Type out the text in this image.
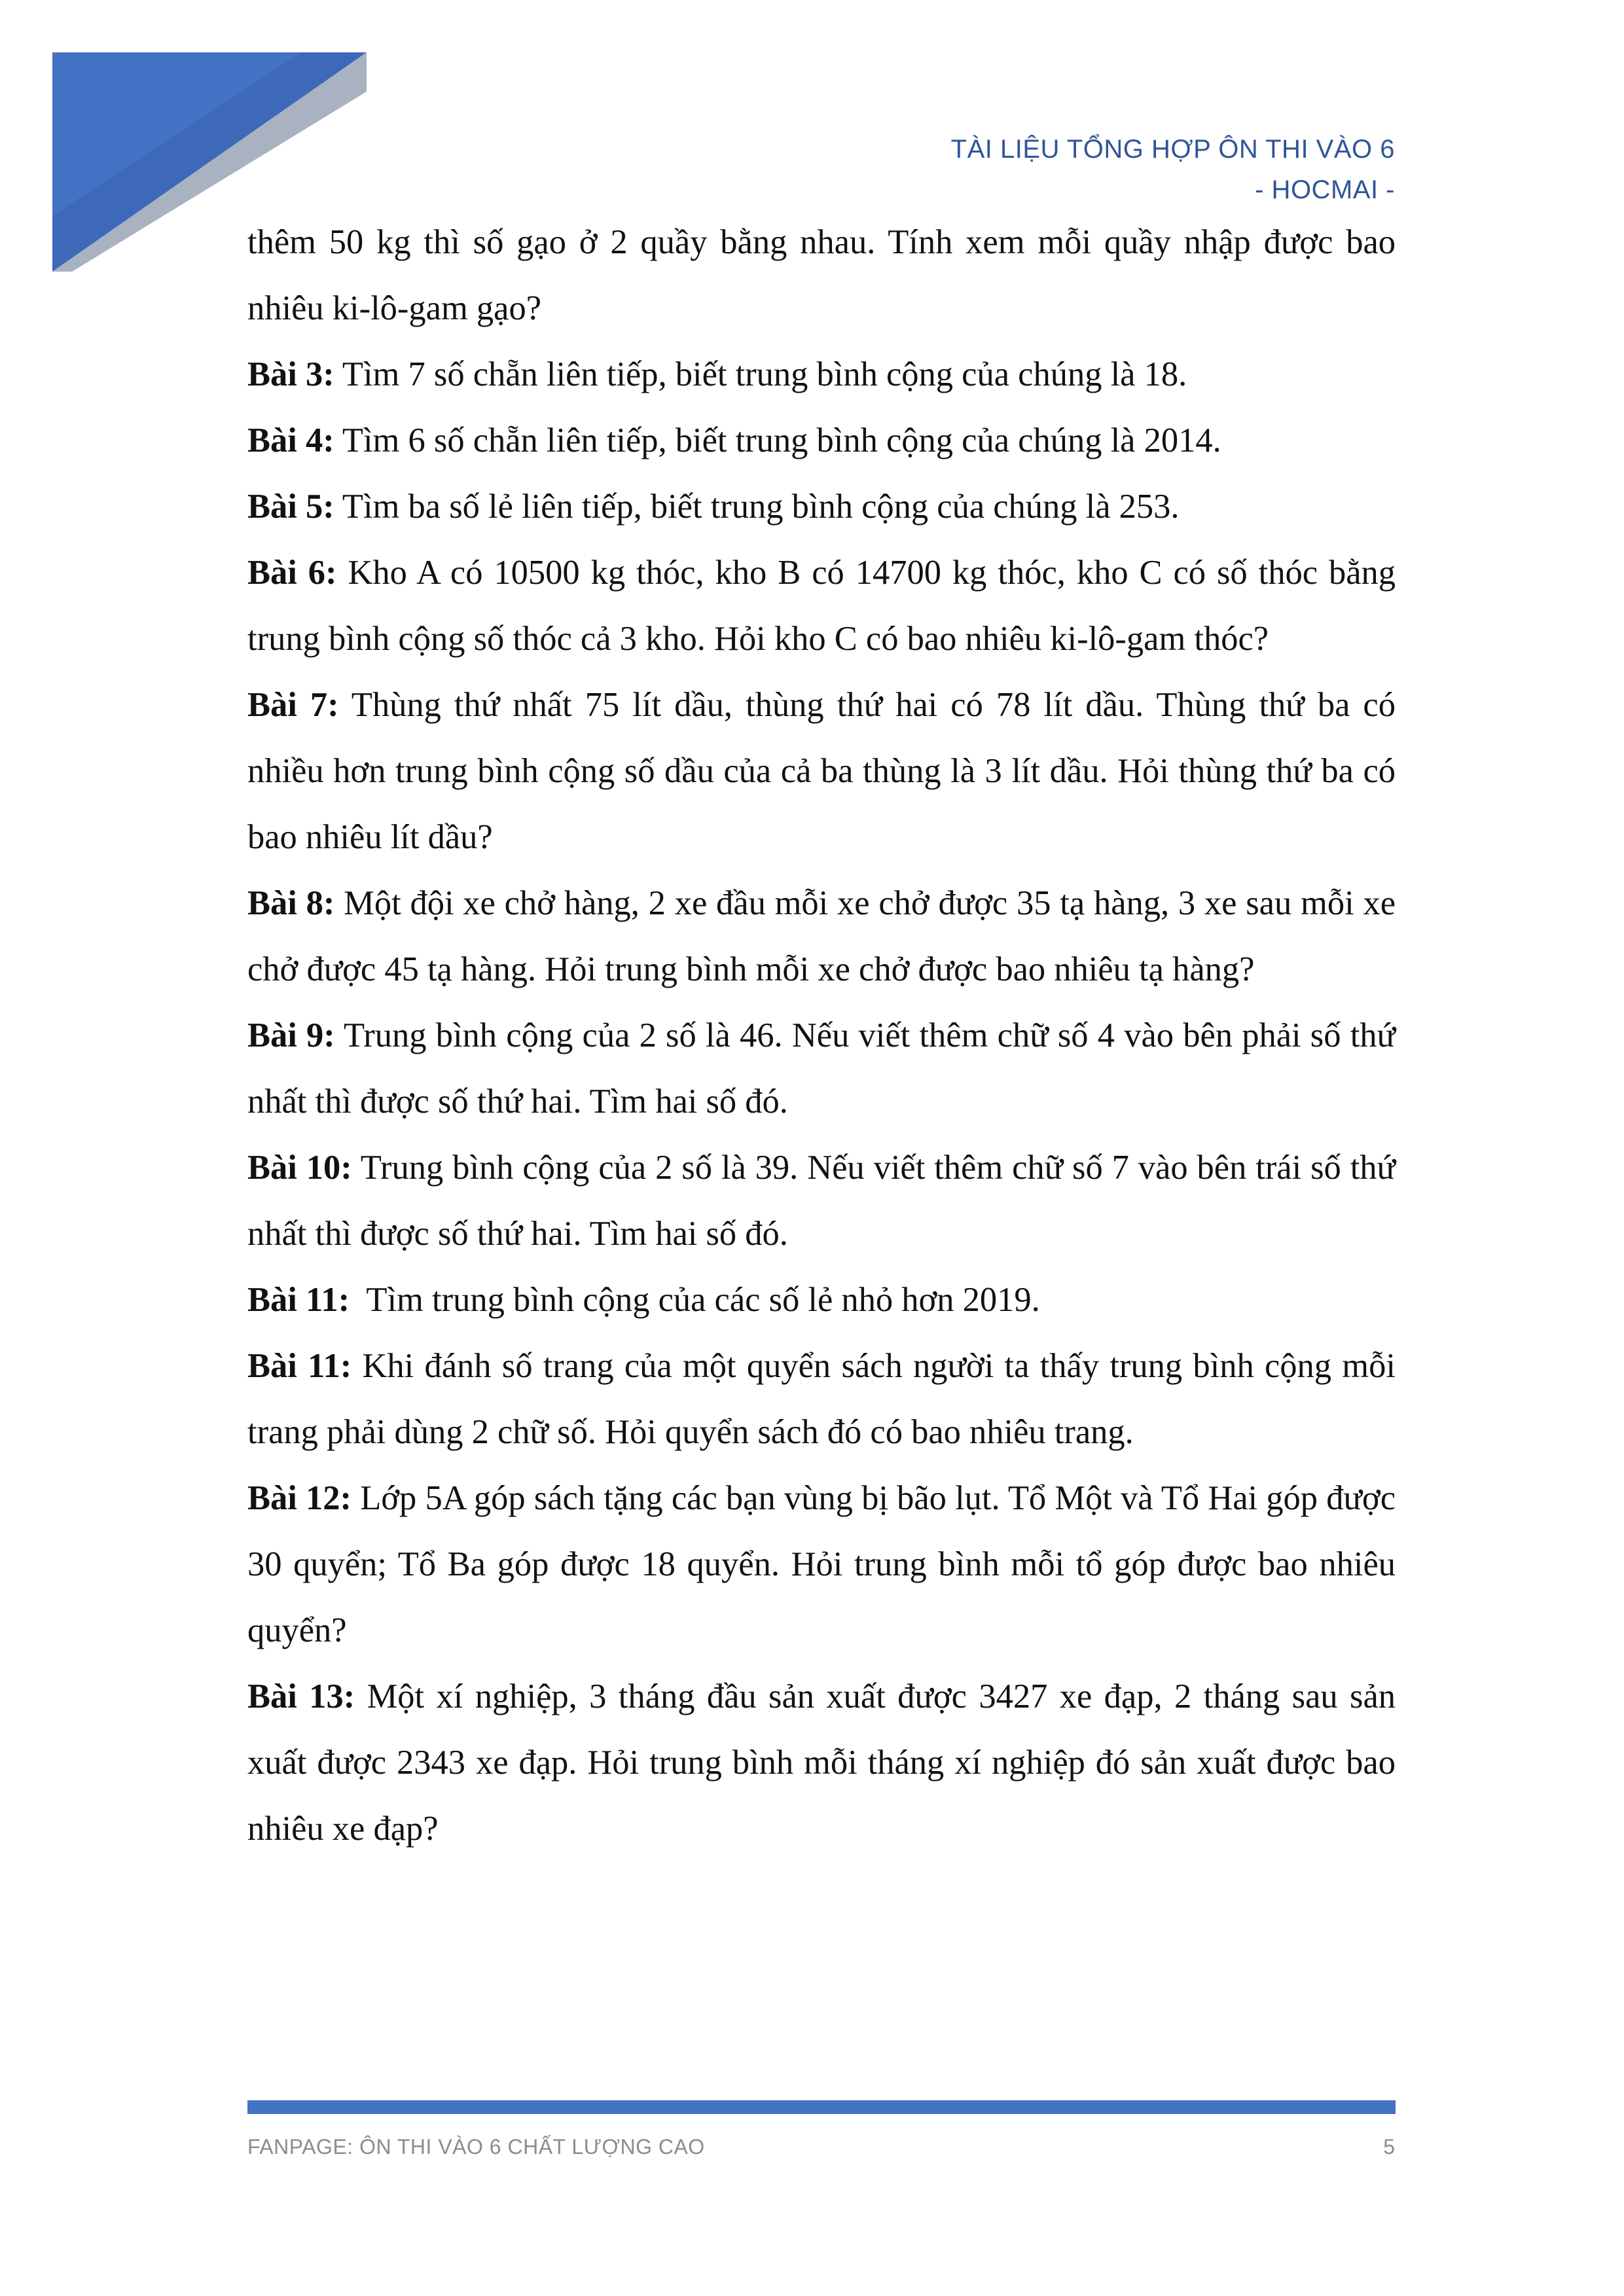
TÀI LIỆU TỔNG HỢP ÔN THI VÀO 6
- HOCMAI -

thêm 50 kg thì số gạo ở 2 quầy bằng nhau. Tính xem mỗi quầy nhập được bao nhiêu ki-lô-gam gạo?

Bài 3: Tìm 7 số chẵn liên tiếp, biết trung bình cộng của chúng là 18.

Bài 4: Tìm 6 số chẵn liên tiếp, biết trung bình cộng của chúng là 2014.

Bài 5: Tìm ba số lẻ liên tiếp, biết trung bình cộng của chúng là 253.

Bài 6: Kho A có 10500 kg thóc, kho B có 14700 kg thóc, kho C có số thóc bằng trung bình cộng số thóc cả 3 kho. Hỏi kho C có bao nhiêu ki-lô-gam thóc?

Bài 7: Thùng thứ nhất 75 lít dầu, thùng thứ hai có 78 lít dầu. Thùng thứ ba có nhiều hơn trung bình cộng số dầu của cả ba thùng là 3 lít dầu. Hỏi thùng thứ ba có bao nhiêu lít dầu?

Bài 8: Một đội xe chở hàng, 2 xe đầu mỗi xe chở được 35 tạ hàng, 3 xe sau mỗi xe chở được 45 tạ hàng. Hỏi trung bình mỗi xe chở được bao nhiêu tạ hàng?

Bài 9: Trung bình cộng của 2 số là 46. Nếu viết thêm chữ số 4 vào bên phải số thứ nhất thì được số thứ hai. Tìm hai số đó.

Bài 10: Trung bình cộng của 2 số là 39. Nếu viết thêm chữ số 7 vào bên trái số thứ nhất thì được số thứ hai. Tìm hai số đó.

Bài 11:  Tìm trung bình cộng của các số lẻ nhỏ hơn 2019.

Bài 11: Khi đánh số trang của một quyển sách người ta thấy trung bình cộng mỗi trang phải dùng 2 chữ số. Hỏi quyển sách đó có bao nhiêu trang.

Bài 12: Lớp 5A góp sách tặng các bạn vùng bị bão lụt. Tổ Một và Tổ Hai góp được 30 quyển; Tổ Ba góp được 18 quyển. Hỏi trung bình mỗi tổ góp được bao nhiêu quyển?

Bài 13: Một xí nghiệp, 3 tháng đầu sản xuất được 3427 xe đạp, 2 tháng sau sản xuất được 2343 xe đạp. Hỏi trung bình mỗi tháng xí nghiệp đó sản xuất được bao nhiêu xe đạp?

FANPAGE: ÔN THI VÀO 6 CHẤT LƯỢNG CAO	5
